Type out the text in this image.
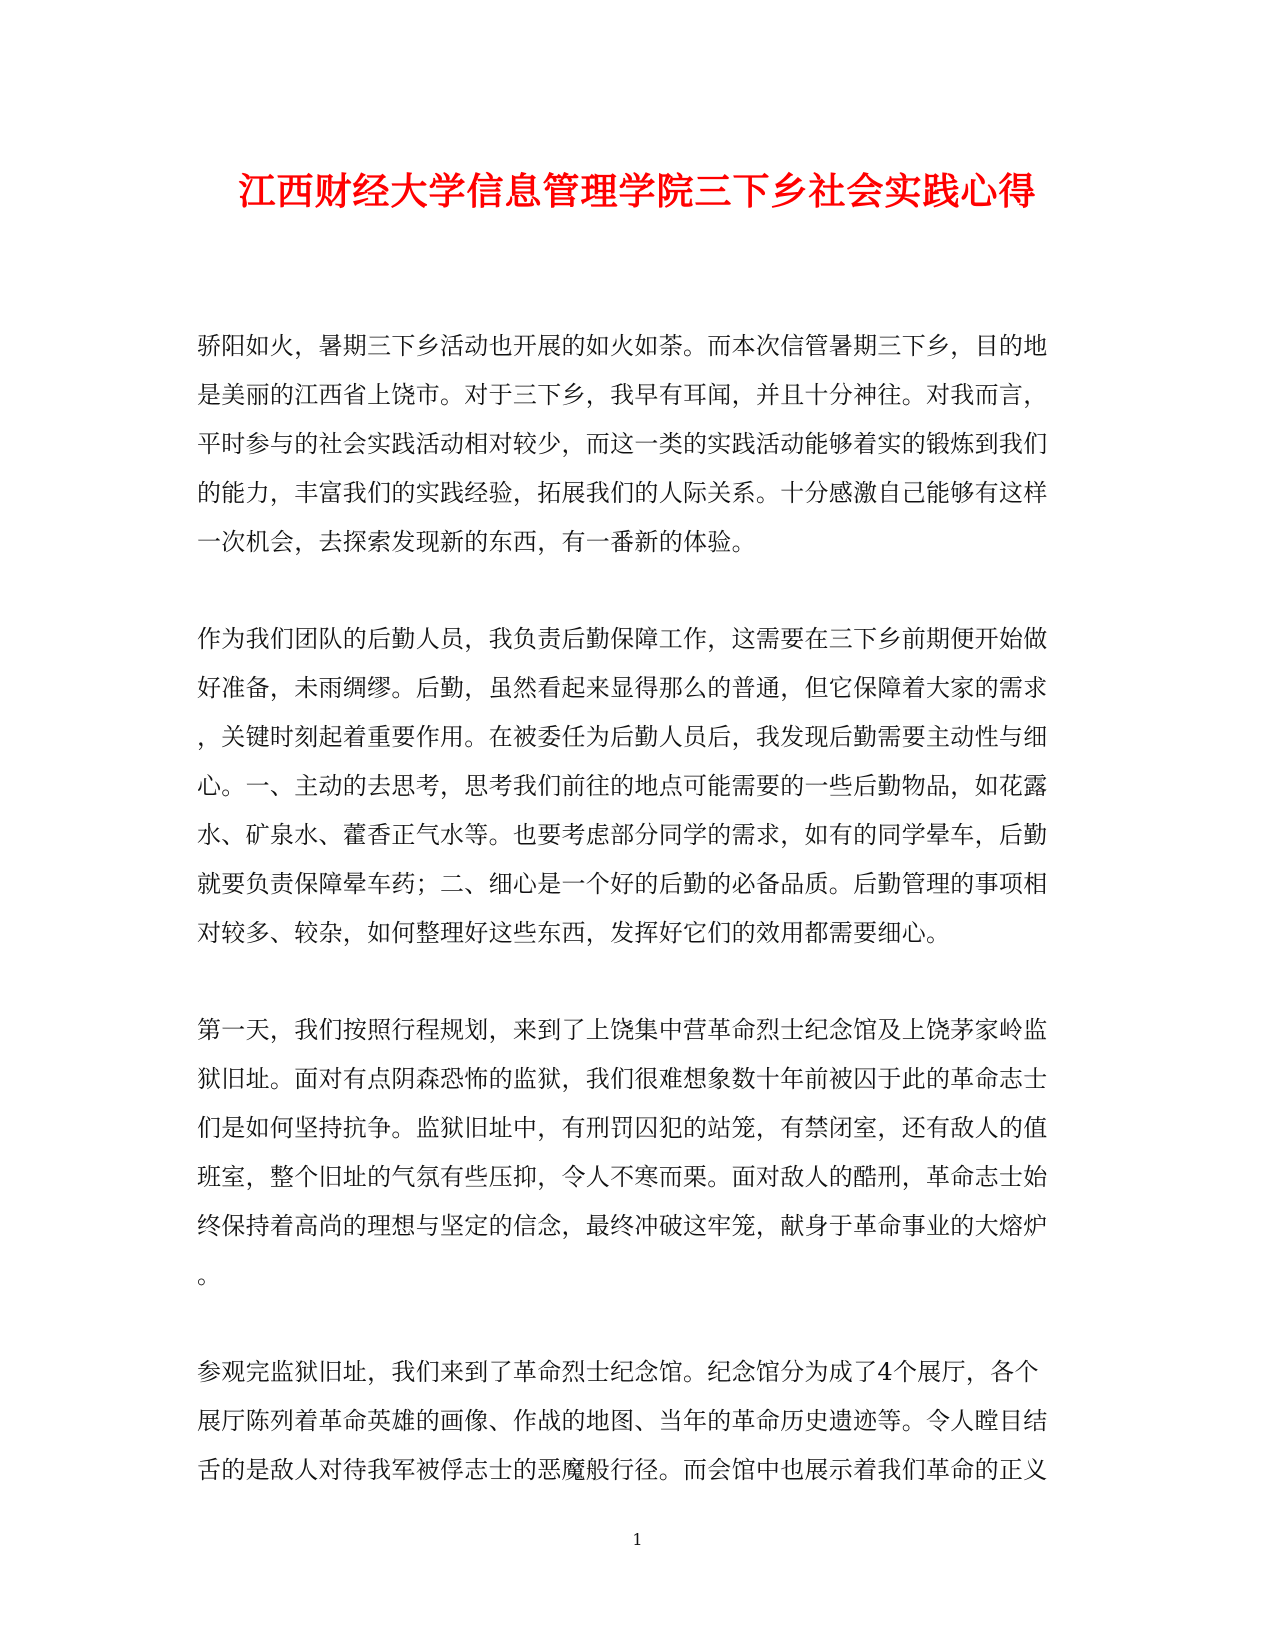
江西财经大学信息管理学院三下乡社会实践心得
骄阳如火，暑期三下乡活动也开展的如火如荼。而本次信管暑期三下乡，目的地
是美丽的江西省上饶市。对于三下乡，我早有耳闻，并且十分神往。对我而言，
平时参与的社会实践活动相对较少，而这一类的实践活动能够着实的锻炼到我们
的能力，丰富我们的实践经验，拓展我们的人际关系。十分感激自己能够有这样
一次机会，去探索发现新的东西，有一番新的体验。
作为我们团队的后勤人员，我负责后勤保障工作，这需要在三下乡前期便开始做
好准备，未雨绸缪。后勤，虽然看起来显得那么的普通，但它保障着大家的需求
，关键时刻起着重要作用。在被委任为后勤人员后，我发现后勤需要主动性与细
心。一、主动的去思考，思考我们前往的地点可能需要的一些后勤物品，如花露
水、矿泉水、藿香正气水等。也要考虑部分同学的需求，如有的同学晕车，后勤
就要负责保障晕车药；二、细心是一个好的后勤的必备品质。后勤管理的事项相
对较多、较杂，如何整理好这些东西，发挥好它们的效用都需要细心。
第一天，我们按照行程规划，来到了上饶集中营革命烈士纪念馆及上饶茅家岭监
狱旧址。面对有点阴森恐怖的监狱，我们很难想象数十年前被囚于此的革命志士
们是如何坚持抗争。监狱旧址中，有刑罚囚犯的站笼，有禁闭室，还有敌人的值
班室，整个旧址的气氛有些压抑，令人不寒而栗。面对敌人的酷刑，革命志士始
终保持着高尚的理想与坚定的信念，最终冲破这牢笼，献身于革命事业的大熔炉
。
参观完监狱旧址，我们来到了革命烈士纪念馆。纪念馆分为成了4个展厅，各个
展厅陈列着革命英雄的画像、作战的地图、当年的革命历史遗迹等。令人瞠目结
舌的是敌人对待我军被俘志士的恶魔般行径。而会馆中也展示着我们革命的正义
1
